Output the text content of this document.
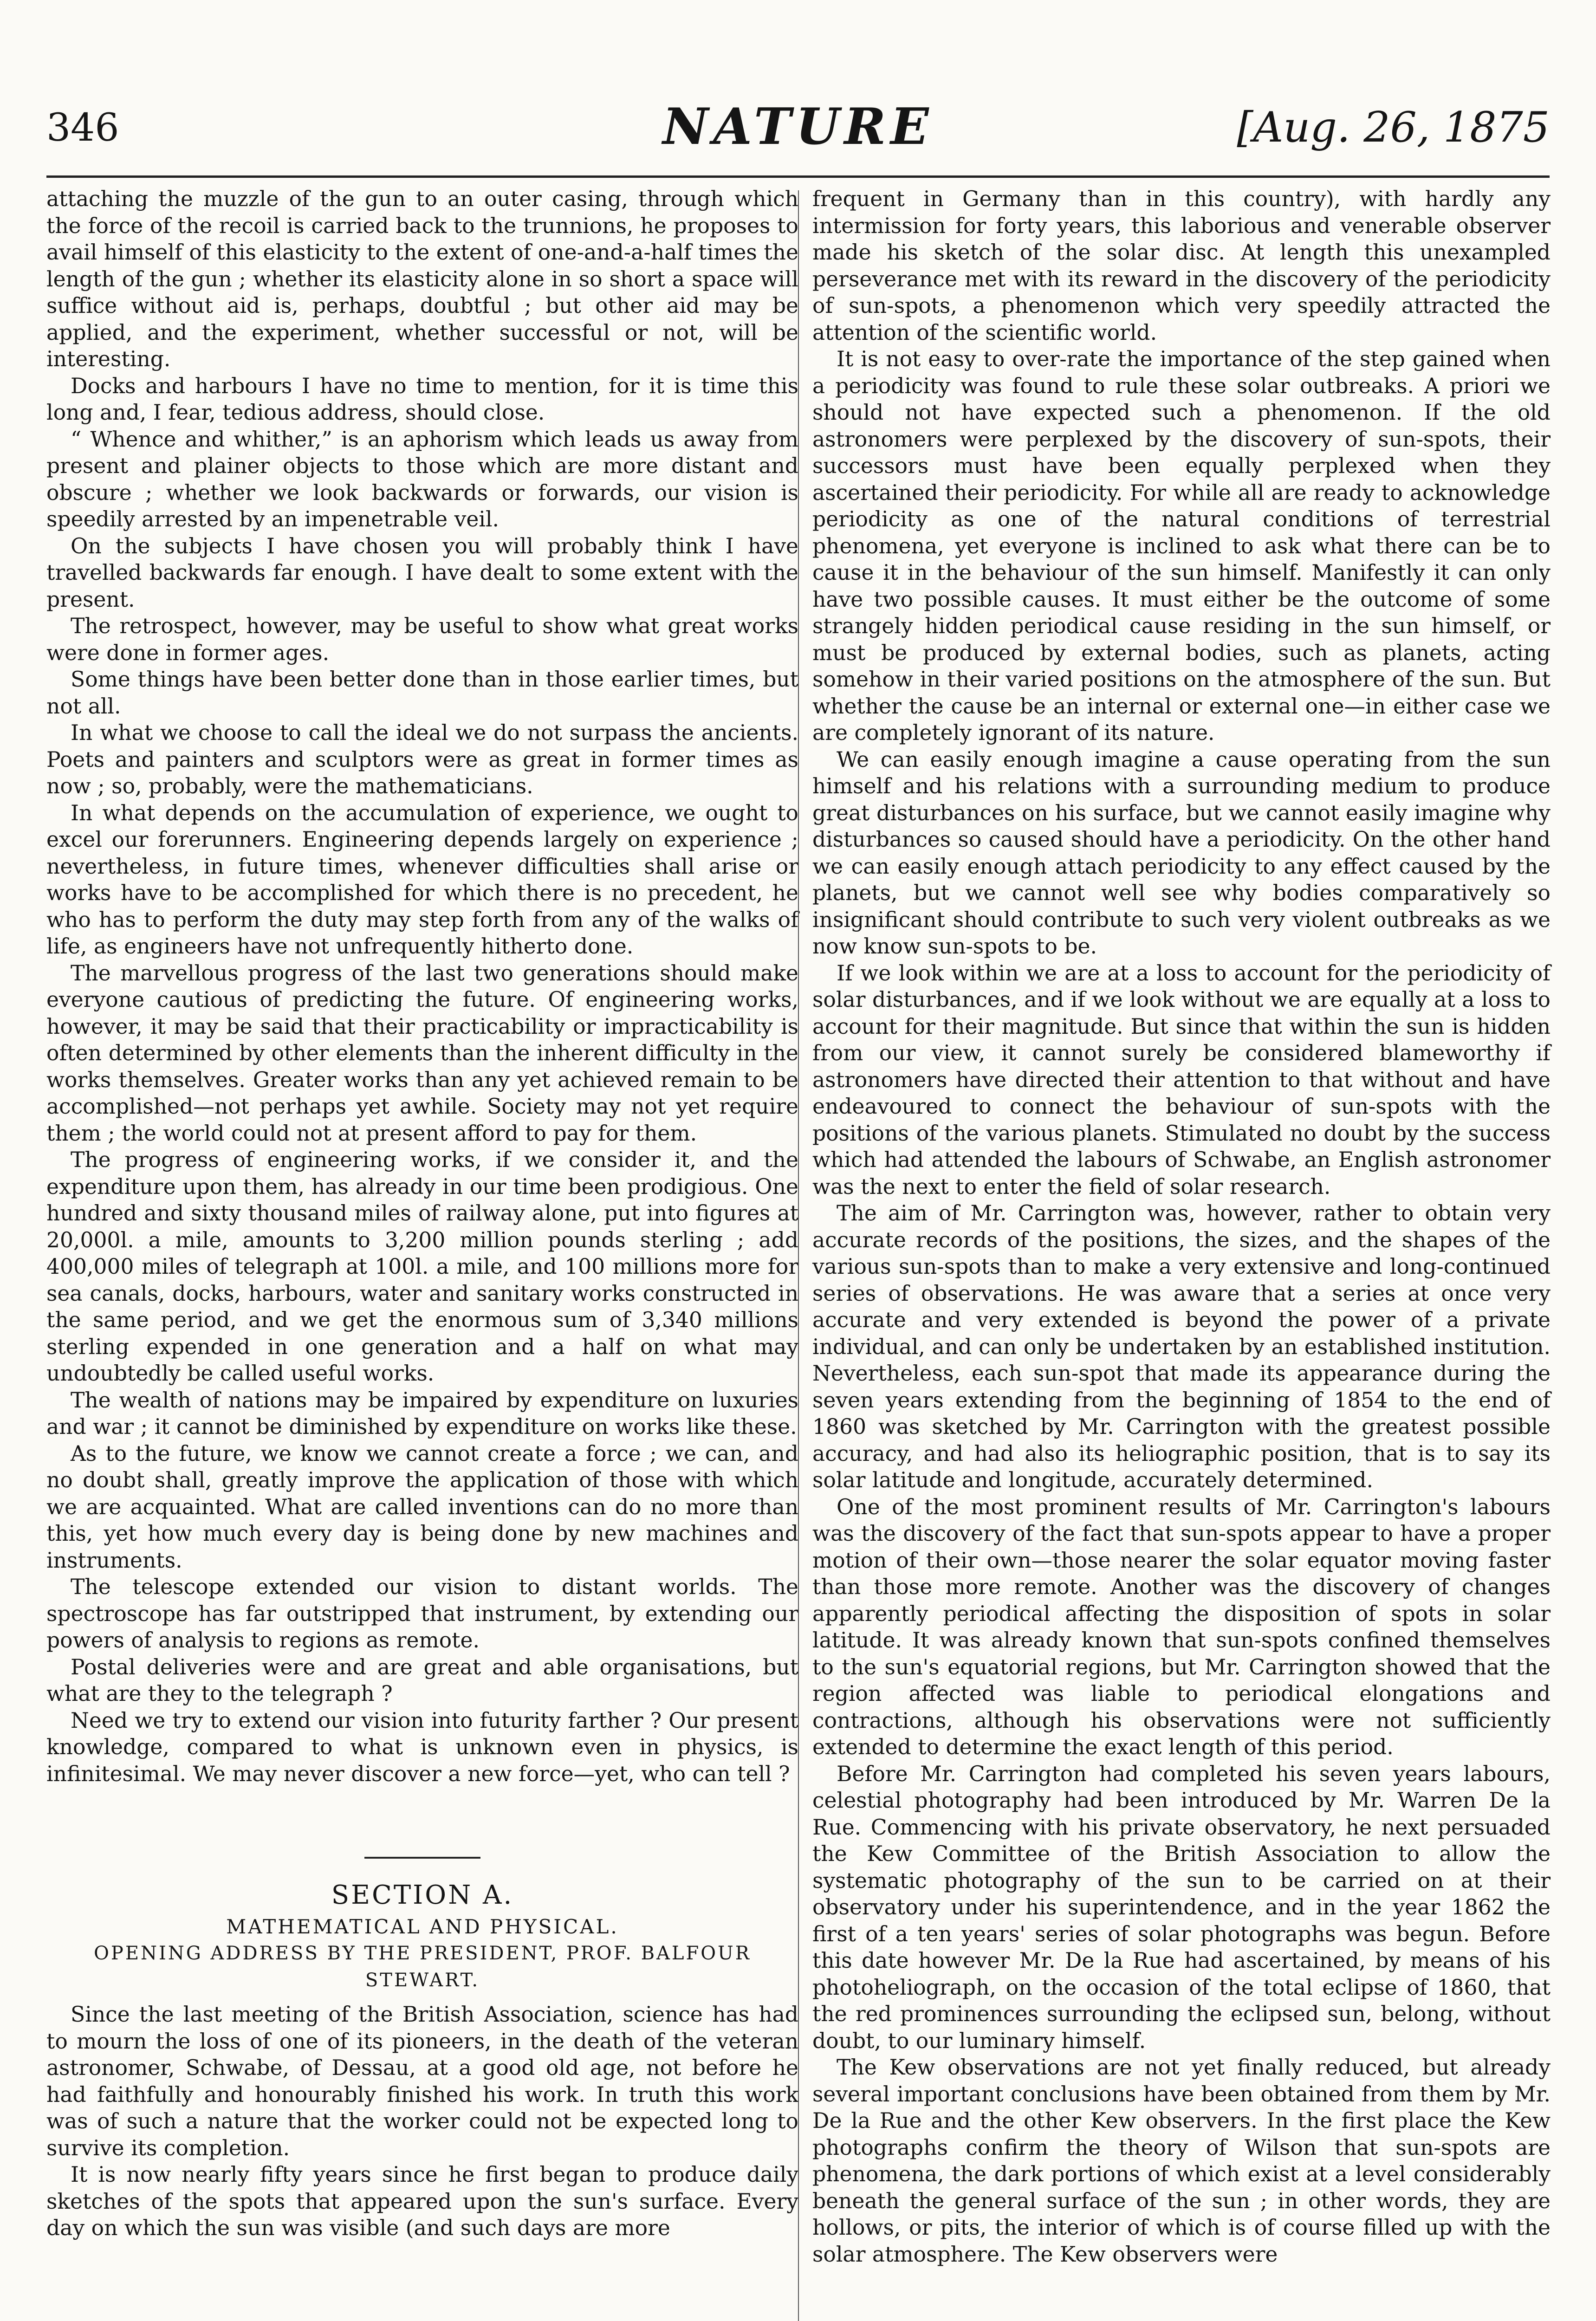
346	NATURE	[Aug. 26, 1875

attaching the muzzle of the gun to an outer casing, through which the force of the recoil is carried back to the trunnions, he proposes to avail himself of this elasticity to the extent of one-and-a-half times the length of the gun ; whether its elasticity alone in so short a space will suffice without aid is, perhaps, doubtful ; but other aid may be applied, and the experiment, whether successful or not, will be interesting.

Docks and harbours I have no time to mention, for it is time this long and, I fear, tedious address, should close.

“ Whence and whither,” is an aphorism which leads us away from present and plainer objects to those which are more distant and obscure ; whether we look backwards or forwards, our vision is speedily arrested by an impenetrable veil.

On the subjects I have chosen you will probably think I have travelled backwards far enough. I have dealt to some extent with the present.

The retrospect, however, may be useful to show what great works were done in former ages.

Some things have been better done than in those earlier times, but not all.

In what we choose to call the ideal we do not surpass the ancients. Poets and painters and sculptors were as great in former times as now ; so, probably, were the mathematicians.

In what depends on the accumulation of experience, we ought to excel our forerunners. Engineering depends largely on experience ; nevertheless, in future times, whenever difficulties shall arise or works have to be accomplished for which there is no precedent, he who has to perform the duty may step forth from any of the walks of life, as engineers have not unfrequently hitherto done.

The marvellous progress of the last two generations should make everyone cautious of predicting the future. Of engineering works, however, it may be said that their practicability or impracticability is often determined by other elements than the inherent difficulty in the works themselves. Greater works than any yet achieved remain to be accomplished—not perhaps yet awhile. Society may not yet require them ; the world could not at present afford to pay for them.

The progress of engineering works, if we consider it, and the expenditure upon them, has already in our time been prodigious. One hundred and sixty thousand miles of railway alone, put into figures at 20,000l. a mile, amounts to 3,200 million pounds sterling ; add 400,000 miles of telegraph at 100l. a mile, and 100 millions more for sea canals, docks, harbours, water and sanitary works constructed in the same period, and we get the enormous sum of 3,340 millions sterling expended in one generation and a half on what may undoubtedly be called useful works.

The wealth of nations may be impaired by expenditure on luxuries and war ; it cannot be diminished by expenditure on works like these.

As to the future, we know we cannot create a force ; we can, and no doubt shall, greatly improve the application of those with which we are acquainted. What are called inventions can do no more than this, yet how much every day is being done by new machines and instruments.

The telescope extended our vision to distant worlds. The spectroscope has far outstripped that instrument, by extending our powers of analysis to regions as remote.

Postal deliveries were and are great and able organisations, but what are they to the telegraph ?

Need we try to extend our vision into futurity farther ? Our present knowledge, compared to what is unknown even in physics, is infinitesimal. We may never discover a new force—yet, who can tell ?

SECTION A.
MATHEMATICAL AND PHYSICAL.
OPENING ADDRESS BY THE PRESIDENT, PROF. BALFOUR STEWART.

Since the last meeting of the British Association, science has had to mourn the loss of one of its pioneers, in the death of the veteran astronomer, Schwabe, of Dessau, at a good old age, not before he had faithfully and honourably finished his work. In truth this work was of such a nature that the worker could not be expected long to survive its completion.

It is now nearly fifty years since he first began to produce daily sketches of the spots that appeared upon the sun's surface. Every day on which the sun was visible (and such days are more

frequent in Germany than in this country), with hardly any intermission for forty years, this laborious and venerable observer made his sketch of the solar disc. At length this unexampled perseverance met with its reward in the discovery of the periodicity of sun-spots, a phenomenon which very speedily attracted the attention of the scientific world.

It is not easy to over-rate the importance of the step gained when a periodicity was found to rule these solar outbreaks. A priori we should not have expected such a phenomenon. If the old astronomers were perplexed by the discovery of sun-spots, their successors must have been equally perplexed when they ascertained their periodicity. For while all are ready to acknowledge periodicity as one of the natural conditions of terrestrial phenomena, yet everyone is inclined to ask what there can be to cause it in the behaviour of the sun himself. Manifestly it can only have two possible causes. It must either be the outcome of some strangely hidden periodical cause residing in the sun himself, or must be produced by external bodies, such as planets, acting somehow in their varied positions on the atmosphere of the sun. But whether the cause be an internal or external one—in either case we are completely ignorant of its nature.

We can easily enough imagine a cause operating from the sun himself and his relations with a surrounding medium to produce great disturbances on his surface, but we cannot easily imagine why disturbances so caused should have a periodicity. On the other hand we can easily enough attach periodicity to any effect caused by the planets, but we cannot well see why bodies comparatively so insignificant should contribute to such very violent outbreaks as we now know sun-spots to be.

If we look within we are at a loss to account for the periodicity of solar disturbances, and if we look without we are equally at a loss to account for their magnitude. But since that within the sun is hidden from our view, it cannot surely be considered blameworthy if astronomers have directed their attention to that without and have endeavoured to connect the behaviour of sun-spots with the positions of the various planets. Stimulated no doubt by the success which had attended the labours of Schwabe, an English astronomer was the next to enter the field of solar research.

The aim of Mr. Carrington was, however, rather to obtain very accurate records of the positions, the sizes, and the shapes of the various sun-spots than to make a very extensive and long-continued series of observations. He was aware that a series at once very accurate and very extended is beyond the power of a private individual, and can only be undertaken by an established institution. Nevertheless, each sun-spot that made its appearance during the seven years extending from the beginning of 1854 to the end of 1860 was sketched by Mr. Carrington with the greatest possible accuracy, and had also its heliographic position, that is to say its solar latitude and longitude, accurately determined.

One of the most prominent results of Mr. Carrington's labours was the discovery of the fact that sun-spots appear to have a proper motion of their own—those nearer the solar equator moving faster than those more remote. Another was the discovery of changes apparently periodical affecting the disposition of spots in solar latitude. It was already known that sun-spots confined themselves to the sun's equatorial regions, but Mr. Carrington showed that the region affected was liable to periodical elongations and contractions, although his observations were not sufficiently extended to determine the exact length of this period.

Before Mr. Carrington had completed his seven years labours, celestial photography had been introduced by Mr. Warren De la Rue. Commencing with his private observatory, he next persuaded the Kew Committee of the British Association to allow the systematic photography of the sun to be carried on at their observatory under his superintendence, and in the year 1862 the first of a ten years' series of solar photographs was begun. Before this date however Mr. De la Rue had ascertained, by means of his photoheliograph, on the occasion of the total eclipse of 1860, that the red prominences surrounding the eclipsed sun, belong, without doubt, to our luminary himself.

The Kew observations are not yet finally reduced, but already several important conclusions have been obtained from them by Mr. De la Rue and the other Kew observers. In the first place the Kew photographs confirm the theory of Wilson that sun-spots are phenomena, the dark portions of which exist at a level considerably beneath the general surface of the sun ; in other words, they are hollows, or pits, the interior of which is of course filled up with the solar atmosphere. The Kew observers were
